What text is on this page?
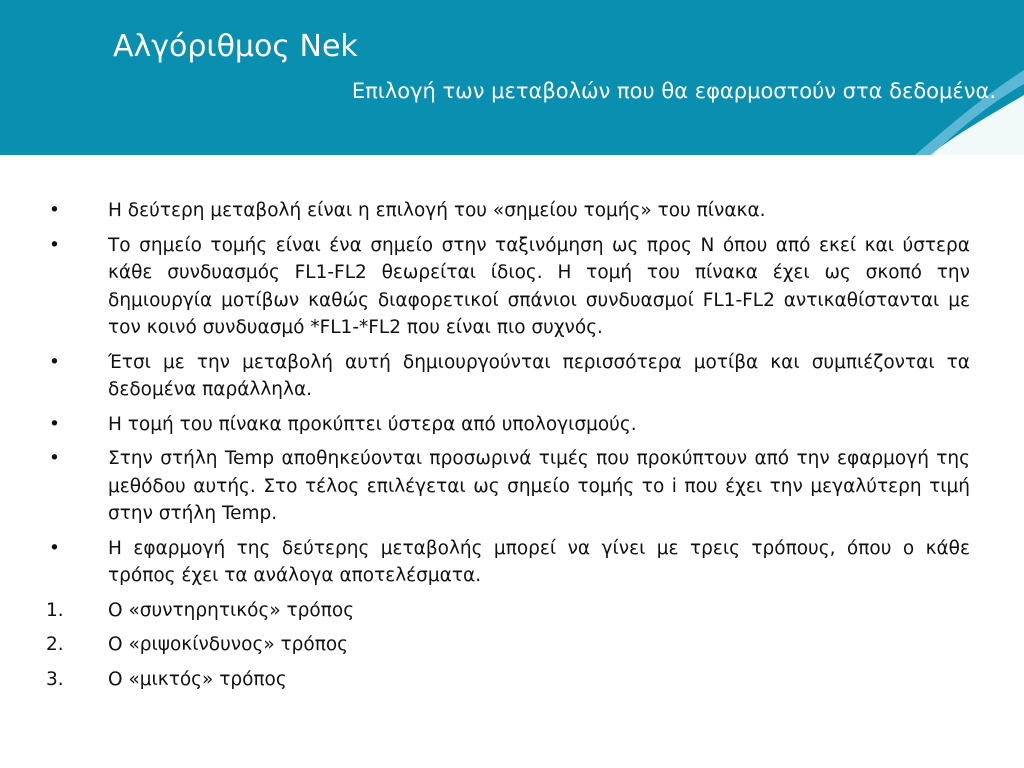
Αλγόριθμος Nek
Επιλογή των μεταβολών που θα εφαρμοστούν στα δεδομένα.
•	Η δεύτερη μεταβολή είναι η επιλογή του «σημείου τομής» του πίνακα.
•	Το σημείο τομής είναι ένα σημείο στην ταξινόμηση ως προς Ν όπου από εκεί και ύστερα κάθε συνδυασμός FL1-FL2 θεωρείται ίδιος. Η τομή του πίνακα έχει ως σκοπό την δημιουργία μοτίβων καθώς διαφορετικοί σπάνιοι συνδυασμοί FL1-FL2 αντικαθίστανται με τον κοινό συνδυασμό *FL1-*FL2 που είναι πιο συχνός.
•	Έτσι με την μεταβολή αυτή δημιουργούνται περισσότερα μοτίβα και συμπιέζονται τα δεδομένα παράλληλα.
•	Η τομή του πίνακα προκύπτει ύστερα από υπολογισμούς.
•	Στην στήλη Temp αποθηκεύονται προσωρινά τιμές που προκύπτουν από την εφαρμογή της μεθόδου αυτής. Στο τέλος επιλέγεται ως σημείο τομής το i που έχει την μεγαλύτερη τιμή στην στήλη Temp.
•	Η εφαρμογή της δεύτερης μεταβολής μπορεί να γίνει με τρεις τρόπους, όπου ο κάθε τρόπος έχει τα ανάλογα αποτελέσματα.
1.	Ο «συντηρητικός» τρόπος
2.	Ο «ριψοκίνδυνος» τρόπος
3.	Ο «μικτός» τρόπος
